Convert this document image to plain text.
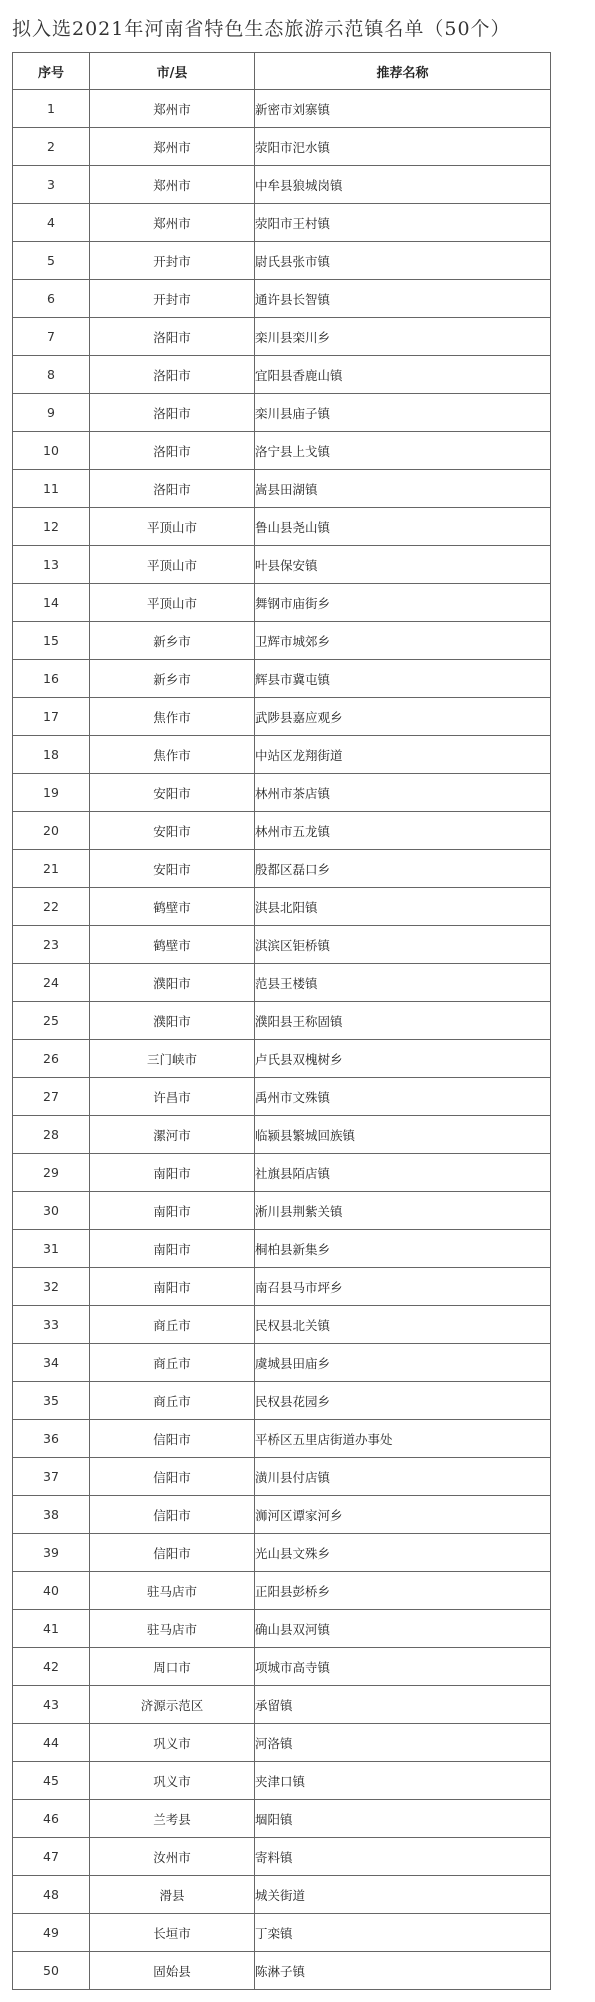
拟入选2021年河南省特色生态旅游示范镇名单（50个）
序号	市/县	推荐名称
1	郑州市	新密市刘寨镇
2	郑州市	荥阳市汜水镇
3	郑州市	中牟县狼城岗镇
4	郑州市	荥阳市王村镇
5	开封市	尉氏县张市镇
6	开封市	通许县长智镇
7	洛阳市	栾川县栾川乡
8	洛阳市	宜阳县香鹿山镇
9	洛阳市	栾川县庙子镇
10	洛阳市	洛宁县上戈镇
11	洛阳市	嵩县田湖镇
12	平顶山市	鲁山县尧山镇
13	平顶山市	叶县保安镇
14	平顶山市	舞钢市庙街乡
15	新乡市	卫辉市城郊乡
16	新乡市	辉县市冀屯镇
17	焦作市	武陟县嘉应观乡
18	焦作市	中站区龙翔街道
19	安阳市	林州市茶店镇
20	安阳市	林州市五龙镇
21	安阳市	殷都区磊口乡
22	鹤壁市	淇县北阳镇
23	鹤壁市	淇滨区钜桥镇
24	濮阳市	范县王楼镇
25	濮阳市	濮阳县王称固镇
26	三门峡市	卢氏县双槐树乡
27	许昌市	禹州市文殊镇
28	漯河市	临颍县繁城回族镇
29	南阳市	社旗县陌店镇
30	南阳市	淅川县荆紫关镇
31	南阳市	桐柏县新集乡
32	南阳市	南召县马市坪乡
33	商丘市	民权县北关镇
34	商丘市	虞城县田庙乡
35	商丘市	民权县花园乡
36	信阳市	平桥区五里店街道办事处
37	信阳市	潢川县付店镇
38	信阳市	浉河区谭家河乡
39	信阳市	光山县文殊乡
40	驻马店市	正阳县彭桥乡
41	驻马店市	确山县双河镇
42	周口市	项城市高寺镇
43	济源示范区	承留镇
44	巩义市	河洛镇
45	巩义市	夹津口镇
46	兰考县	堌阳镇
47	汝州市	寄料镇
48	滑县	城关街道
49	长垣市	丁栾镇
50	固始县	陈淋子镇
